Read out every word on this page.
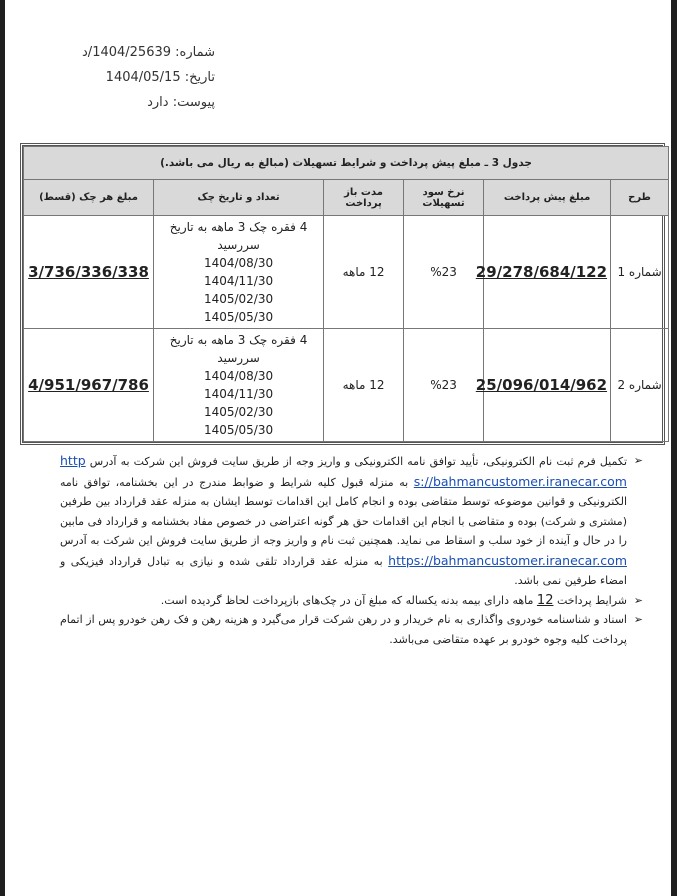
شماره: 1404/25639/د
تاریخ: 1404/05/15
پیوست: دارد
جدول 3 ـ مبلغ پیش پرداخت و شرایط تسهیلات (مبالغ به ریال می باشد.)					
طرح	مبلغ پیش پرداخت	نرخ سود تسهیلات	مدت باز پرداخت	تعداد و تاریخ چک	مبلغ هر چک (قسط)
شماره 1	29/278/684/122	%23	12 ماهه	4 فقره چک 3 ماهه به تاریخ سررسید
1404/08/30
1404/11/30
1405/02/30
1405/05/30	3/736/336/338
شماره 2	25/096/014/962	%23	12 ماهه	4 فقره چک 3 ماهه به تاریخ سررسید
1404/08/30
1404/11/30
1405/02/30
1405/05/30	4/951/967/786
➢
تکمیل فرم ثبت نام الکترونیکی، تأیید توافق نامه الکترونیکی و واریز وجه از طریق سایت فروش این شرکت به آدرس https://bahmancustomer.iranecar.com به منزله قبول کلیه شرایط و ضوابط مندرج در این بخشنامه، توافق نامه الکترونیکی و قوانین موضوعه توسط متقاضی بوده و انجام کامل این اقدامات توسط ایشان به منزله عقد قرارداد بین طرفین (مشتری و شرکت) بوده و متقاضی با انجام این اقدامات حق هر گونه اعتراضی در خصوص مفاد بخشنامه و قرارداد فی مابین را در حال و آینده از خود سلب و اسقاط می نماید. همچنین ثبت نام و واریز وجه از طریق سایت فروش این شرکت به آدرس https://bahmancustomer.iranecar.com به منزله عقد قرارداد تلقی شده و نیازی به تبادل قرارداد فیزیکی و امضاء طرفین نمی باشد.
➢
شرایط پرداخت 12 ماهه دارای بیمه بدنه یکساله که مبلغ آن در چک‌های بازپرداخت لحاظ گردیده است.
➢
اسناد و شناسنامه خودروی واگذاری به نام خریدار و در رهن شرکت قرار می‌گیرد و هزینه رهن و فک رهن خودرو پس از اتمام پرداخت کلیه وجوه خودرو بر عهده متقاضی می‌باشد.
